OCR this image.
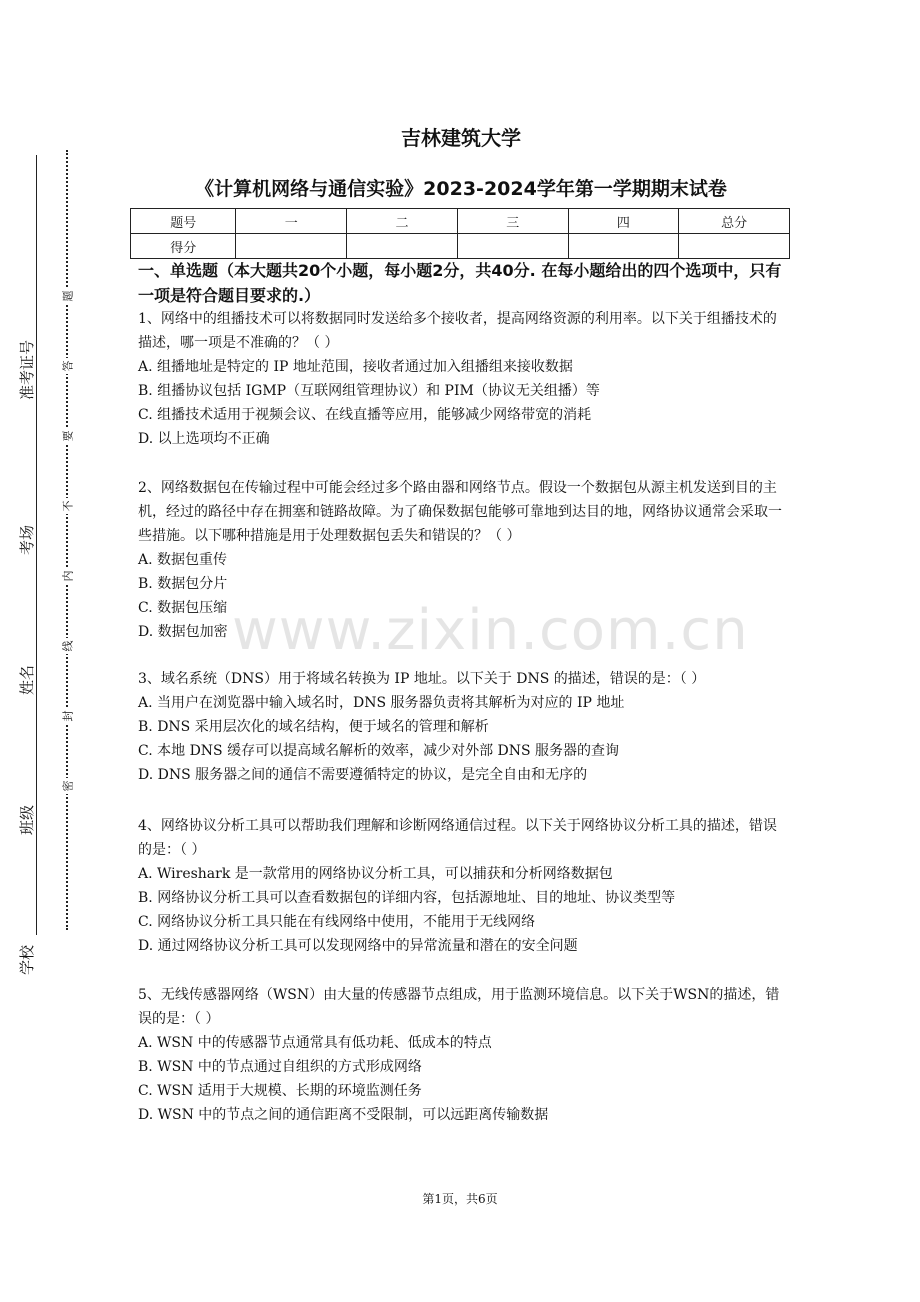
学校
班级
姓名
考场
准考证号
题
答
要
不
内
线
封
密
吉林建筑大学
《计算机网络与通信实验》2023-2024学年第一学期期末试卷
题号	一	二	三	四	总分
得分					
一、单选题（本大题共20个小题，每小题2分，共40分. 在每小题给出的四个选项中，只有一项是符合题目要求的.）

1、网络中的组播技术可以将数据同时发送给多个接收者，提高网络资源的利用率。以下关于组播技术的描述，哪一项是不准确的？（ ）

A. 组播地址是特定的 IP 地址范围，接收者通过加入组播组来接收数据
B. 组播协议包括 IGMP（互联网组管理协议）和 PIM（协议无关组播）等
C. 组播技术适用于视频会议、在线直播等应用，能够减少网络带宽的消耗
D. 以上选项均不正确

2、网络数据包在传输过程中可能会经过多个路由器和网络节点。假设一个数据包从源主机发送到目的主机，经过的路径中存在拥塞和链路故障。为了确保数据包能够可靠地到达目的地，网络协议通常会采取一些措施。以下哪种措施是用于处理数据包丢失和错误的？（ ）

A. 数据包重传
B. 数据包分片
C. 数据包压缩
D. 数据包加密

3、域名系统（DNS）用于将域名转换为 IP 地址。以下关于 DNS 的描述，错误的是：（ ）

A. 当用户在浏览器中输入域名时，DNS 服务器负责将其解析为对应的 IP 地址
B. DNS 采用层次化的域名结构，便于域名的管理和解析
C. 本地 DNS 缓存可以提高域名解析的效率，减少对外部 DNS 服务器的查询
D. DNS 服务器之间的通信不需要遵循特定的协议，是完全自由和无序的

4、网络协议分析工具可以帮助我们理解和诊断网络通信过程。以下关于网络协议分析工具的描述，错误的是：（ ）

A. Wireshark 是一款常用的网络协议分析工具，可以捕获和分析网络数据包
B. 网络协议分析工具可以查看数据包的详细内容，包括源地址、目的地址、协议类型等
C. 网络协议分析工具只能在有线网络中使用，不能用于无线网络
D. 通过网络协议分析工具可以发现网络中的异常流量和潜在的安全问题

5、无线传感器网络（WSN）由大量的传感器节点组成，用于监测环境信息。以下关于WSN的描述，错误的是：（ ）

A. WSN 中的传感器节点通常具有低功耗、低成本的特点
B. WSN 中的节点通过自组织的方式形成网络
C. WSN 适用于大规模、长期的环境监测任务
D. WSN 中的节点之间的通信距离不受限制，可以远距离传输数据
www.zixin.com.cn
第1页，共6页
